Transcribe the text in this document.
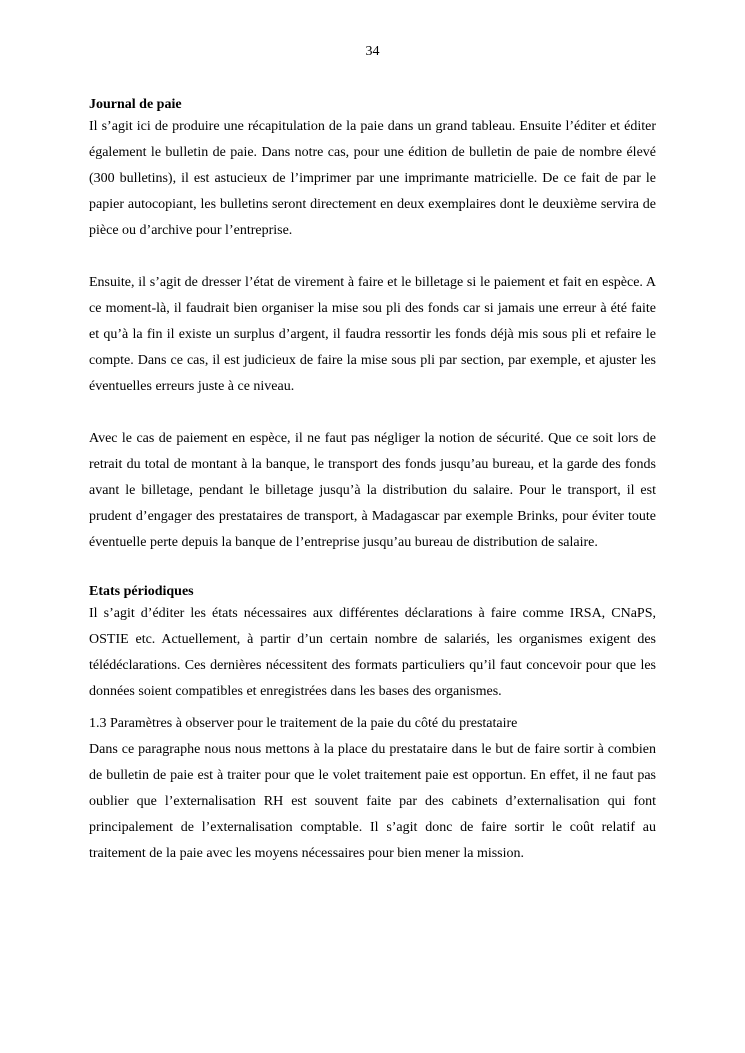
34

Journal de paie

Il s’agit ici de produire une récapitulation de la paie dans un grand tableau. Ensuite l’éditer et éditer également le bulletin de paie. Dans notre cas, pour une édition de bulletin de paie de nombre élevé (300 bulletins), il est astucieux de l’imprimer par une imprimante matricielle. De ce fait de par le papier autocopiant, les bulletins seront directement en deux exemplaires dont le deuxième servira de pièce ou d’archive pour l’entreprise.

Ensuite, il s’agit de dresser l’état de virement à faire et le billetage si le paiement et fait en espèce. A ce moment-là, il faudrait bien organiser la mise sou pli des fonds car si jamais une erreur à été faite et qu’à la fin il existe un surplus d’argent, il faudra ressortir les fonds déjà mis sous pli et refaire le compte. Dans ce cas, il est judicieux de faire la mise sous pli par section, par exemple, et ajuster les éventuelles erreurs juste à ce niveau.

Avec le cas de paiement en espèce, il ne faut pas négliger la notion de sécurité. Que ce soit lors de retrait du total de montant à la banque, le transport des fonds jusqu’au bureau, et la garde des fonds avant le billetage, pendant le billetage jusqu’à la distribution du salaire. Pour le transport, il est prudent d’engager des prestataires de transport, à Madagascar par exemple Brinks, pour éviter toute éventuelle perte depuis la banque de l’entreprise jusqu’au bureau de distribution de salaire.

Etats périodiques

Il s’agit d’éditer les états nécessaires aux différentes déclarations à faire comme IRSA, CNaPS, OSTIE etc. Actuellement, à partir d’un certain nombre de salariés, les organismes exigent des télédéclarations. Ces dernières nécessitent des formats particuliers qu’il faut concevoir pour que les données soient compatibles et enregistrées dans les bases des organismes.

1.3 Paramètres à observer pour le traitement de la paie du côté du prestataire

Dans ce paragraphe nous nous mettons à la place du prestataire dans le but de faire sortir à combien de bulletin de paie est à traiter pour que le volet traitement paie est opportun. En effet, il ne faut pas oublier que l’externalisation RH est souvent faite par des cabinets d’externalisation qui font principalement de l’externalisation comptable. Il s’agit donc de faire sortir le coût relatif au traitement de la paie avec les moyens nécessaires pour bien mener la mission.
